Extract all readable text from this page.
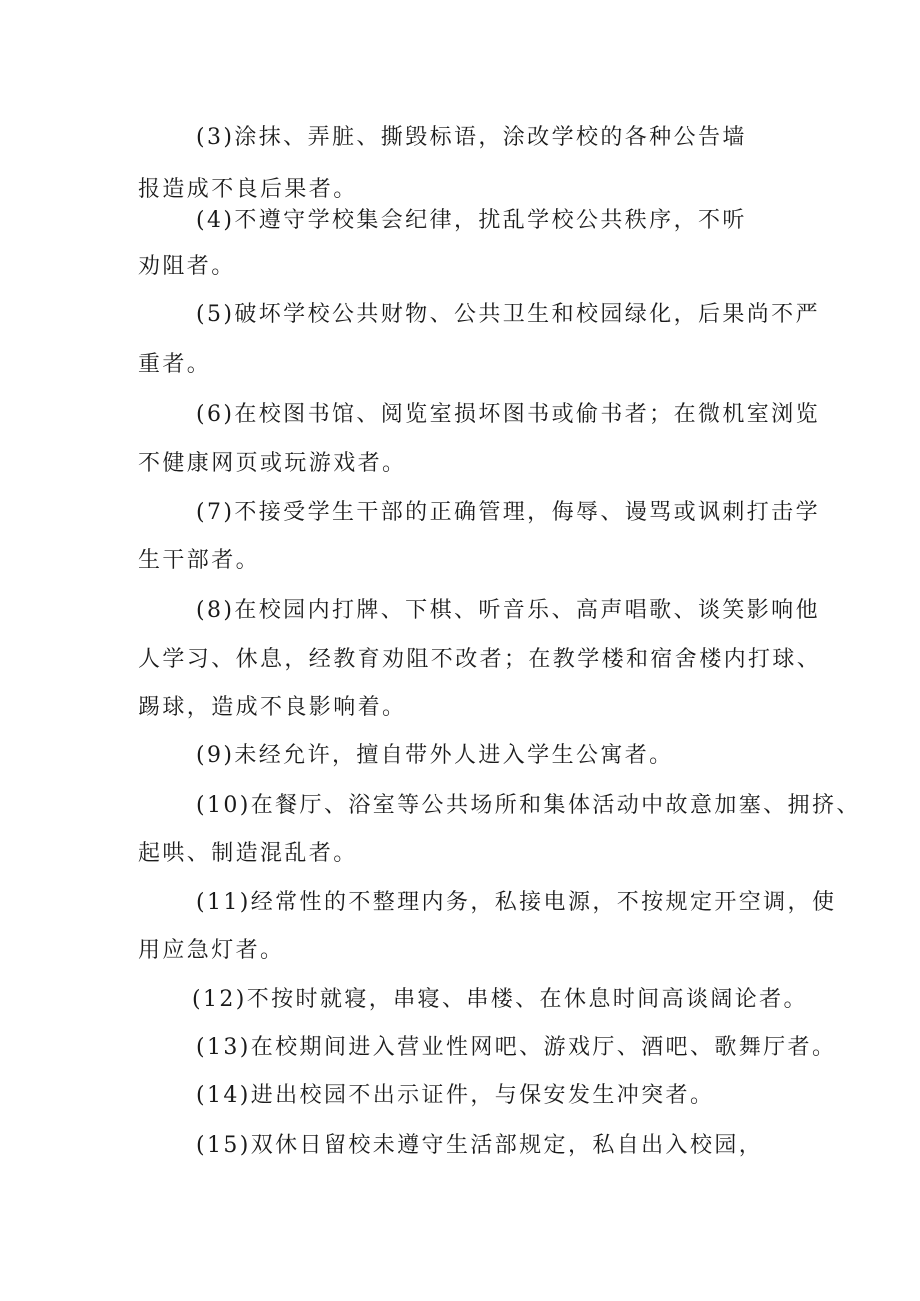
(3)涂抹、弄脏、撕毁标语，涂改学校的各种公告墙
报造成不良后果者。
(4)不遵守学校集会纪律，扰乱学校公共秩序，不听
劝阻者。
(5)破坏学校公共财物、公共卫生和校园绿化，后果尚不严
重者。
(6)在校图书馆、阅览室损坏图书或偷书者；在微机室浏览
不健康网页或玩游戏者。
(7)不接受学生干部的正确管理，侮辱、谩骂或讽刺打击学
生干部者。
(8)在校园内打牌、下棋、听音乐、高声唱歌、谈笑影响他
人学习、休息，经教育劝阻不改者；在教学楼和宿舍楼内打球、
踢球，造成不良影响着。
(9)未经允许，擅自带外人进入学生公寓者。
(10)在餐厅、浴室等公共场所和集体活动中故意加塞、拥挤、
起哄、制造混乱者。
(11)经常性的不整理内务，私接电源，不按规定开空调，使
用应急灯者。
(12)不按时就寝，串寝、串楼、在休息时间高谈阔论者。
(13)在校期间进入营业性网吧、游戏厅、酒吧、歌舞厅者。
(14)进出校园不出示证件，与保安发生冲突者。
(15)双休日留校未遵守生活部规定，私自出入校园，
